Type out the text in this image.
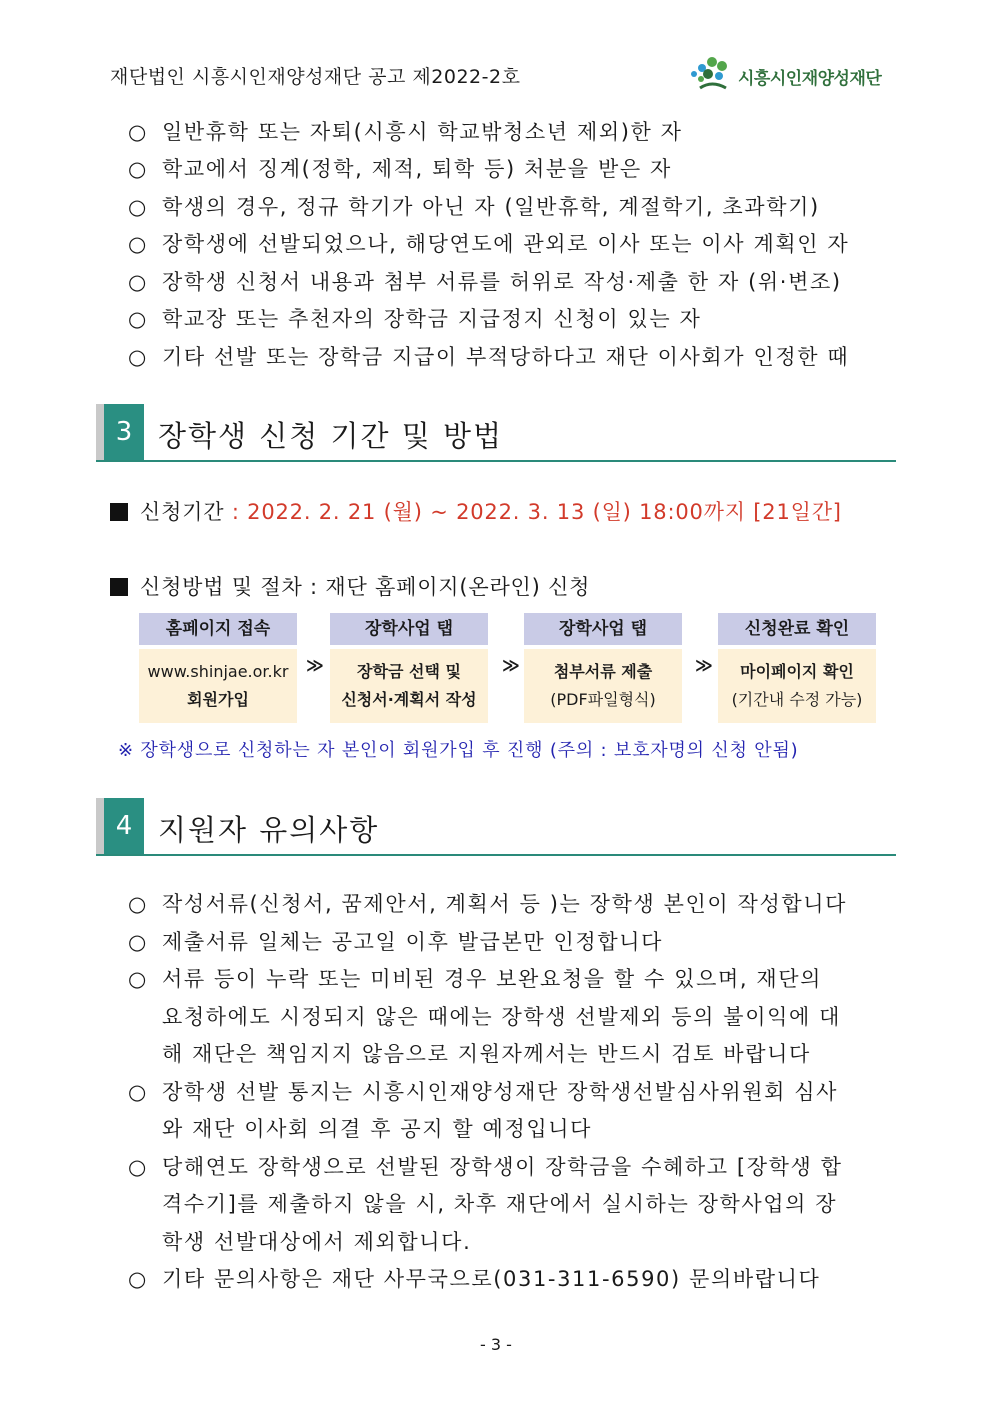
재단법인 시흥시인재양성재단 공고 제2022-2호	시흥시인재양성재단
○ 일반휴학 또는 자퇴(시흥시 학교밖청소년 제외)한 자
○ 학교에서 징계(정학, 제적, 퇴학 등) 처분을 받은 자
○ 학생의 경우, 정규 학기가 아닌 자 (일반휴학, 계절학기, 초과학기)
○ 장학생에 선발되었으나, 해당연도에 관외로 이사 또는 이사 계획인 자
○ 장학생 신청서 내용과 첨부 서류를 허위로 작성·제출 한 자 (위·변조)
○ 학교장 또는 추천자의 장학금 지급정지 신청이 있는 자
○ 기타 선발 또는 장학금 지급이 부적당하다고 재단 이사회가 인정한 때
3 장학생 신청 기간 및 방법
신청기간 : 2022. 2. 21 (월) ~ 2022. 3. 13 (일) 18:00까지 [21일간]
신청방법 및 절차 : 재단 홈페이지(온라인) 신청
홈페이지 접속
www.shinjae.or.kr
회원가입
≫
장학사업 탭
장학금 선택 및
신청서·계획서 작성
≫
장학사업 탭
첨부서류 제출
(PDF파일형식)
≫
신청완료 확인
마이페이지 확인
(기간내 수정 가능)
※ 장학생으로 신청하는 자 본인이 회원가입 후 진행 (주의 : 보호자명의 신청 안됨)
4 지원자 유의사항
○ 작성서류(신청서, 꿈제안서, 계획서 등 )는 장학생 본인이 작성합니다
○ 제출서류 일체는 공고일 이후 발급본만 인정합니다
○ 서류 등이 누락 또는 미비된 경우 보완요청을 할 수 있으며, 재단의
요청하에도 시정되지 않은 때에는 장학생 선발제외 등의 불이익에 대
해 재단은 책임지지 않음으로 지원자께서는 반드시 검토 바랍니다
○ 장학생 선발 통지는 시흥시인재양성재단 장학생선발심사위원회 심사
와 재단 이사회 의결 후 공지 할 예정입니다
○ 당해연도 장학생으로 선발된 장학생이 장학금을 수혜하고 [장학생 합
격수기]를 제출하지 않을 시, 차후 재단에서 실시하는 장학사업의 장
학생 선발대상에서 제외합니다.
○ 기타 문의사항은 재단 사무국으로(031-311-6590) 문의바랍니다
- 3 -
